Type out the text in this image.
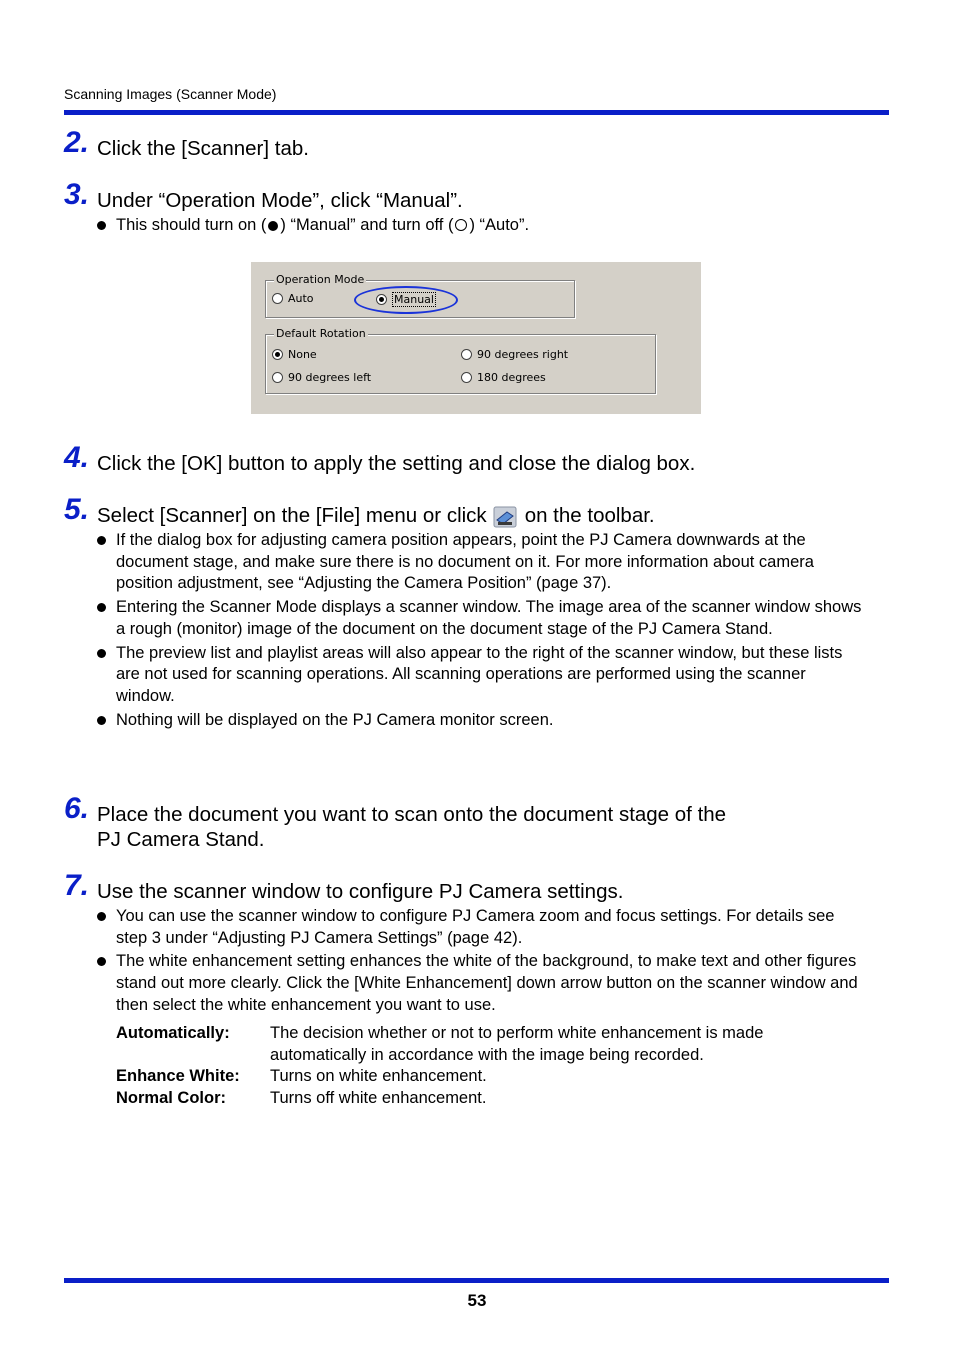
Scanning Images (Scanner Mode)
2. Click the [Scanner] tab.
3. Under “Operation Mode”, click “Manual”.
This should turn on ( ) “Manual” and turn off ( ) “Auto”.
Operation Mode
Auto	Manual
Default Rotation
None	90 degrees right
90 degrees left	180 degrees
4. Click the [OK] button to apply the setting and close the dialog box.
5. Select [Scanner] on the [File] menu or click on the toolbar.
If the dialog box for adjusting camera position appears, point the PJ Camera downwards at the document stage, and make sure there is no document on it. For more information about camera position adjustment, see “Adjusting the Camera Position” (page 37).
Entering the Scanner Mode displays a scanner window. The image area of the scanner window shows a rough (monitor) image of the document on the document stage of the PJ Camera Stand.
The preview list and playlist areas will also appear to the right of the scanner window, but these lists are not used for scanning operations. All scanning operations are performed using the scanner window.
Nothing will be displayed on the PJ Camera monitor screen.
6. Place the document you want to scan onto the document stage of the
PJ Camera Stand.
7. Use the scanner window to configure PJ Camera settings.
You can use the scanner window to configure PJ Camera zoom and focus settings. For details see step 3 under “Adjusting PJ Camera Settings” (page 42).
The white enhancement setting enhances the white of the background, to make text and other figures stand out more clearly. Click the [White Enhancement] down arrow button on the scanner window and then select the white enhancement you want to use.
Automatically: The decision whether or not to perform white enhancement is made automatically in accordance with the image being recorded.
Enhance White: Turns on white enhancement.
Normal Color:	Turns off white enhancement.
53
